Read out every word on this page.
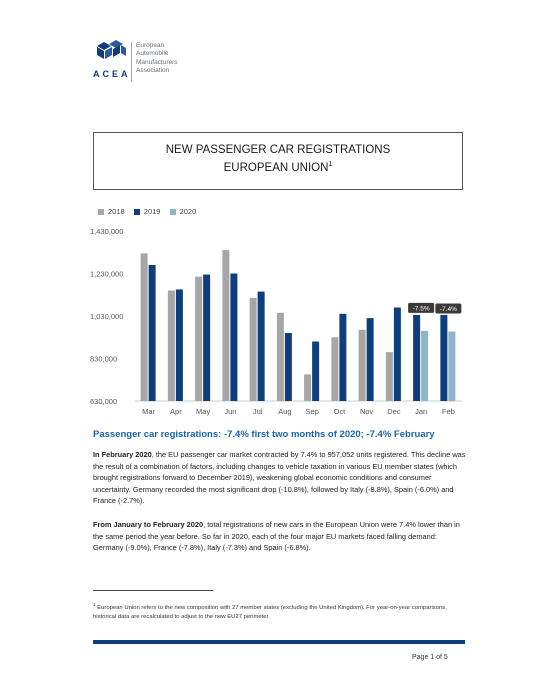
ACEA
European
Automobile
Manufacturers
Association
NEW PASSENGER CAR REGISTRATIONS
EUROPEAN UNION$^1$
2018	2019	2020
1,430,000
1,230,000
1,030,000
830,000
630,000
Mar Apr May Jun Jul Aug Sep Oct Nov Dec Jan Feb
-7.5% -7.4%
Passenger car registrations: -7.4% first two months of 2020; -7.4% February
In February 2020, the EU passenger car market contracted by 7.4% to 957,052 units registered. This decline was the result of a combination of factors, including changes to vehicle taxation in various EU member states (which brought registrations forward to December 2019), weakening global economic conditions and consumer uncertainty. Germany recorded the most significant drop (-10.8%), followed by Italy (-8.8%), Spain (-6.0%) and France (-2.7%).
From January to February 2020, total registrations of new cars in the European Union were 7.4% lower than in the same period the year before. So far in 2020, each of the four major EU markets faced falling demand: Germany (-9.0%), France (-7.8%), Italy (-7.3%) and Spain (-6.8%).
$^1$ European Union refers to the new composition with 27 member states (excluding the United Kingdom). For year-on-year comparisons, historical data are recalculated to adjust to the new EU27 perimeter.
Page 1 of 5
